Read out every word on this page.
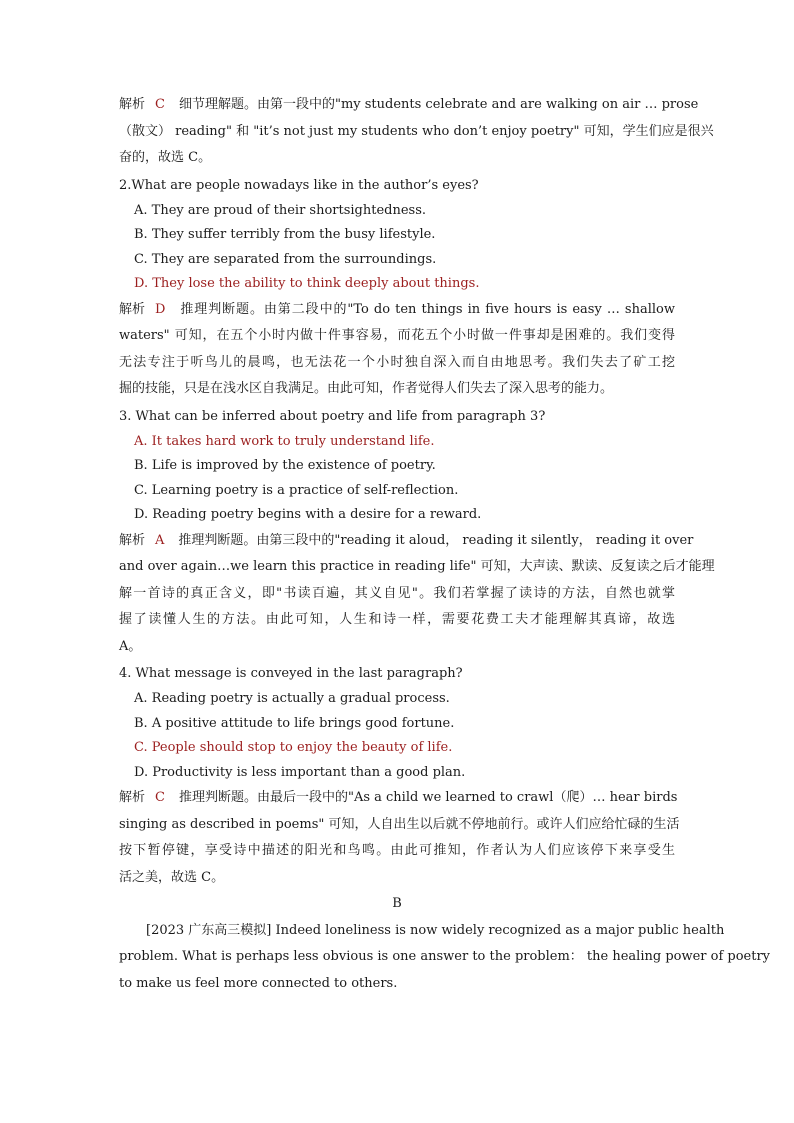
解析 C 细节理解题。由第一段中的"my students celebrate and are walking on air … prose
（散文） reading" 和 "it’s not just my students who don’t enjoy poetry" 可知，学生们应是很兴
奋的，故选 C。
2.What are people nowadays like in the author’s eyes?
A. They are proud of their shortsightedness.
B. They suffer terribly from the busy lifestyle.
C. They are separated from the surroundings.
D. They lose the ability to think deeply about things.
解析 D 推理判断题。由第二段中的"To do ten things in five hours is easy … shallow
waters" 可知，在五个小时内做十件事容易，而花五个小时做一件事却是困难的。我们变得
无法专注于听鸟儿的晨鸣，也无法花一个小时独自深入而自由地思考。我们失去了矿工挖
掘的技能，只是在浅水区自我满足。由此可知，作者觉得人们失去了深入思考的能力。
3. What can be inferred about poetry and life from paragraph 3?
A. It takes hard work to truly understand life.
B. Life is improved by the existence of poetry.
C. Learning poetry is a practice of self-reflection.
D. Reading poetry begins with a desire for a reward.
解析 A 推理判断题。由第三段中的"reading it aloud， reading it silently， reading it over
and over again…we learn this practice in reading life" 可知，大声读、默读、反复读之后才能理
解一首诗的真正含义，即"书读百遍，其义自见"。我们若掌握了读诗的方法，自然也就掌
握了读懂人生的方法。由此可知，人生和诗一样，需要花费工夫才能理解其真谛，故选
A。
4. What message is conveyed in the last paragraph?
A. Reading poetry is actually a gradual process.
B. A positive attitude to life brings good fortune.
C. People should stop to enjoy the beauty of life.
D. Productivity is less important than a good plan.
解析 C 推理判断题。由最后一段中的"As a child we learned to crawl（爬）… hear birds
singing as described in poems" 可知，人自出生以后就不停地前行。或许人们应给忙碌的生活
按下暂停键，享受诗中描述的阳光和鸟鸣。由此可推知，作者认为人们应该停下来享受生
活之美，故选 C。
B
[2023 广东高三模拟] Indeed loneliness is now widely recognized as a major public health
problem. What is perhaps less obvious is one answer to the problem： the healing power of poetry
to make us feel more connected to others.
